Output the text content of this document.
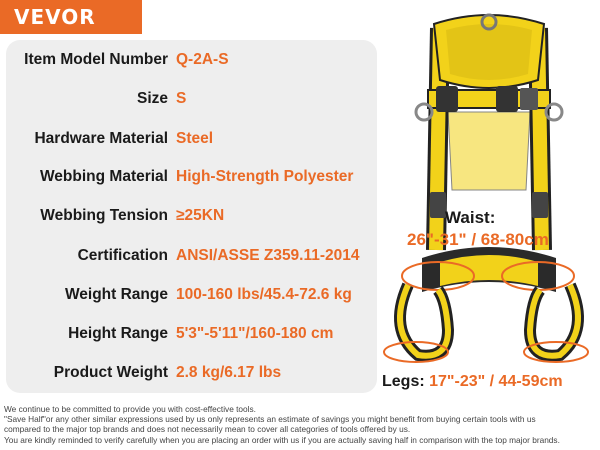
VEVOR
Item Model Number Q-2A-S
Size S
Hardware Material Steel
Webbing Material High-Strength Polyester
Webbing Tension ≥25KN
Certification ANSI/ASSE Z359.11-2014
Weight Range 100-160 lbs/45.4-72.6 kg
Height Range 5'3"-5'11"/160-180 cm
Product Weight 2.8 kg/6.17 lbs
Waist:
26"-31" / 68-80cm
Legs: 17"-23" / 44-59cm
We continue to be committed to provide you with cost-effective tools.
"Save Half"or any other similar expressions used by us only represents an estimate of savings you might benefit from buying certain tools with us
compared to the major top brands and does not necessarily mean to cover all categories of tools offered by us.
You are kindly reminded to verify carefully when you are placing an order with us if you are actually saving half in comparison with the top major brands.
